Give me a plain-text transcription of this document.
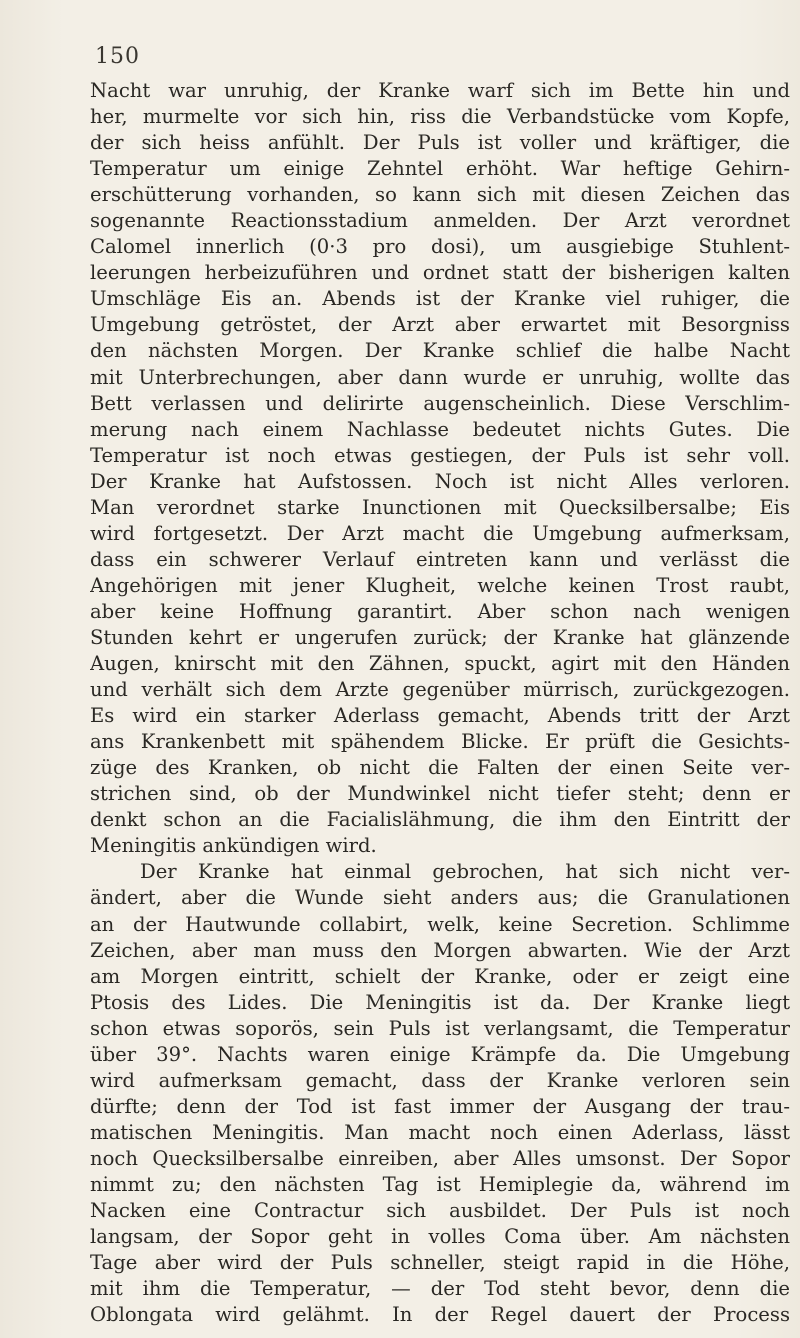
150
Nacht war unruhig, der Kranke warf sich im Bette hin und
her, murmelte vor sich hin, riss die Verbandstücke vom Kopfe,
der sich heiss anfühlt. Der Puls ist voller und kräftiger, die
Temperatur um einige Zehntel erhöht. War heftige Gehirn-
erschütterung vorhanden, so kann sich mit diesen Zeichen das
sogenannte Reactionsstadium anmelden. Der Arzt verordnet
Calomel innerlich (0·3 pro dosi), um ausgiebige Stuhlent-
leerungen herbeizuführen und ordnet statt der bisherigen kalten
Umschläge Eis an. Abends ist der Kranke viel ruhiger, die
Umgebung getröstet, der Arzt aber erwartet mit Besorgniss
den nächsten Morgen. Der Kranke schlief die halbe Nacht
mit Unterbrechungen, aber dann wurde er unruhig, wollte das
Bett verlassen und delirirte augenscheinlich. Diese Verschlim-
merung nach einem Nachlasse bedeutet nichts Gutes. Die
Temperatur ist noch etwas gestiegen, der Puls ist sehr voll.
Der Kranke hat Aufstossen. Noch ist nicht Alles verloren.
Man verordnet starke Inunctionen mit Quecksilbersalbe; Eis
wird fortgesetzt. Der Arzt macht die Umgebung aufmerksam,
dass ein schwerer Verlauf eintreten kann und verlässt die
Angehörigen mit jener Klugheit, welche keinen Trost raubt,
aber keine Hoffnung garantirt. Aber schon nach wenigen
Stunden kehrt er ungerufen zurück; der Kranke hat glänzende
Augen, knirscht mit den Zähnen, spuckt, agirt mit den Händen
und verhält sich dem Arzte gegenüber mürrisch, zurückgezogen.
Es wird ein starker Aderlass gemacht, Abends tritt der Arzt
ans Krankenbett mit spähendem Blicke. Er prüft die Gesichts-
züge des Kranken, ob nicht die Falten der einen Seite ver-
strichen sind, ob der Mundwinkel nicht tiefer steht; denn er
denkt schon an die Facialislähmung, die ihm den Eintritt der
Meningitis ankündigen wird.
Der Kranke hat einmal gebrochen, hat sich nicht ver-
ändert, aber die Wunde sieht anders aus; die Granulationen
an der Hautwunde collabirt, welk, keine Secretion. Schlimme
Zeichen, aber man muss den Morgen abwarten. Wie der Arzt
am Morgen eintritt, schielt der Kranke, oder er zeigt eine
Ptosis des Lides. Die Meningitis ist da. Der Kranke liegt
schon etwas soporös, sein Puls ist verlangsamt, die Temperatur
über 39°. Nachts waren einige Krämpfe da. Die Umgebung
wird aufmerksam gemacht, dass der Kranke verloren sein
dürfte; denn der Tod ist fast immer der Ausgang der trau-
matischen Meningitis. Man macht noch einen Aderlass, lässt
noch Quecksilbersalbe einreiben, aber Alles umsonst. Der Sopor
nimmt zu; den nächsten Tag ist Hemiplegie da, während im
Nacken eine Contractur sich ausbildet. Der Puls ist noch
langsam, der Sopor geht in volles Coma über. Am nächsten
Tage aber wird der Puls schneller, steigt rapid in die Höhe,
mit ihm die Temperatur, — der Tod steht bevor, denn die
Oblongata wird gelähmt. In der Regel dauert der Process
